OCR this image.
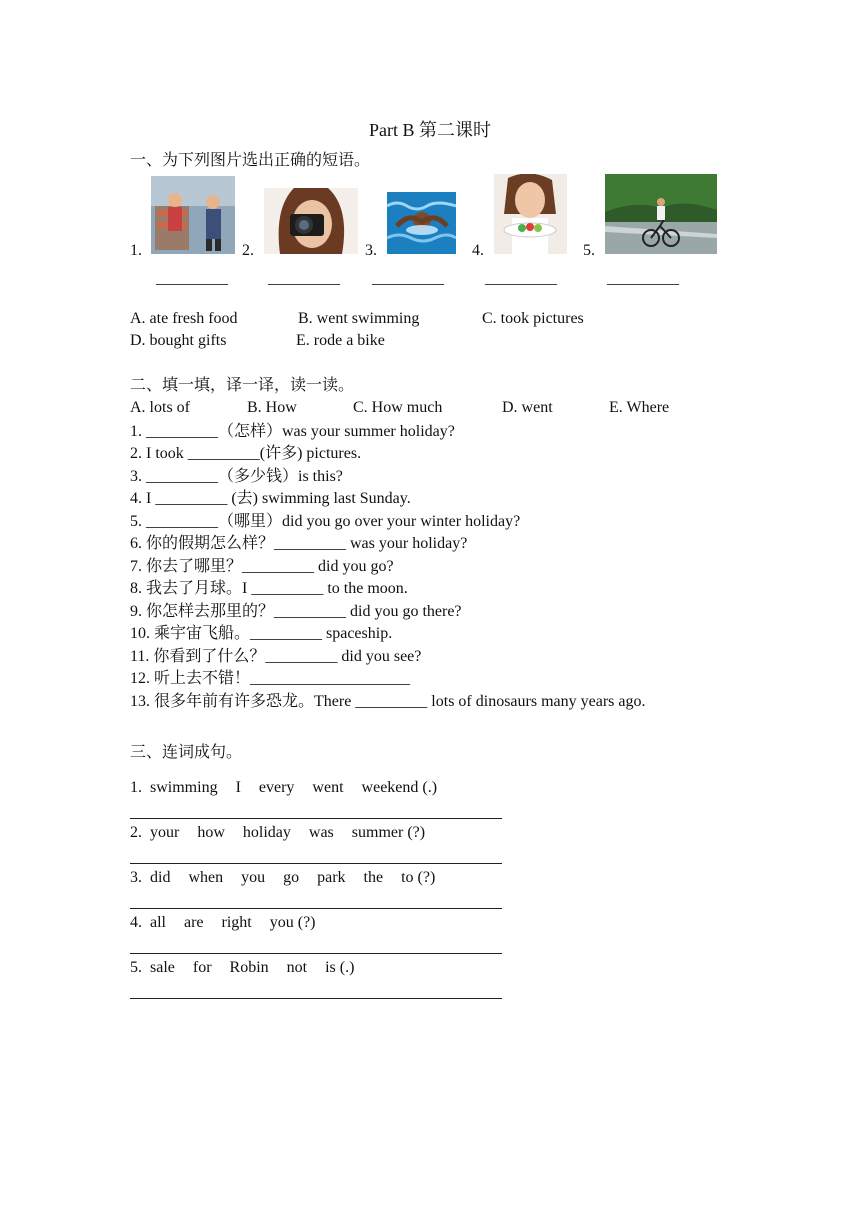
Part B 第二课时
一、为下列图片选出正确的短语。
1.	2.	3.	4.	5.
_________	_________ _________	_________	_________
A. ate fresh food	B. went swimming	C. took pictures
D. bought gifts	E. rode a bike
二、填一填，译一译，读一读。
A. lots of	B. How	C. How much	D. went	E. Where
1. _________（怎样）was your summer holiday?
2. I took _________(许多) pictures.
3. _________（多少钱）is this?
4. I _________ (去) swimming last Sunday.
5. _________（哪里）did you go over your winter holiday?
6. 你的假期怎么样？_________ was your holiday?
7. 你去了哪里？_________ did you go?
8. 我去了月球。I _________ to the moon.
9. 你怎样去那里的？_________ did you go there?
10. 乘宇宙飞船。_________ spaceship.
11. 你看到了什么？_________ did you see?
12. 听上去不错！____________________
13. 很多年前有许多恐龙。There _________ lots of dinosaurs many years ago.
三、连词成句。
1. swimming I every went weekend (.)
2. your how holiday was summer (?)
3. did when you go park the to (?)
4. all are right you (?)
5. sale for Robin not is (.)
